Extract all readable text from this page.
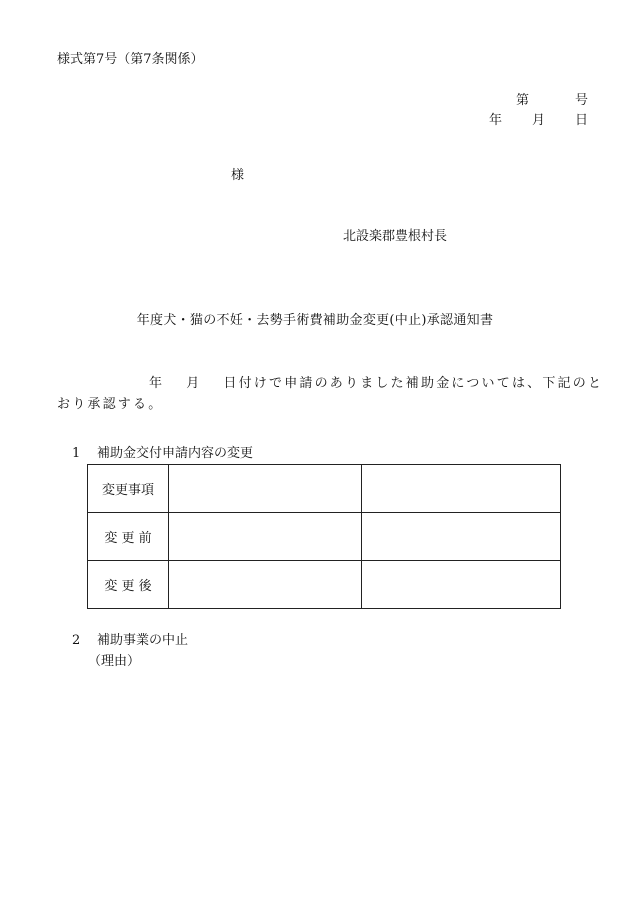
様式第7号（第7条関係）
第	号
年 月 日
様
北設楽郡豊根村長
年度犬・猫の不妊・去勢手術費補助金変更(中止)承認通知書
年 月 日付けで申請のありました補助金については、下記のと
おり承認する。
1 補助金交付申請内容の変更
変更事項		
変 更 前		
変 更 後		
2 補助事業の中止
（理由）
